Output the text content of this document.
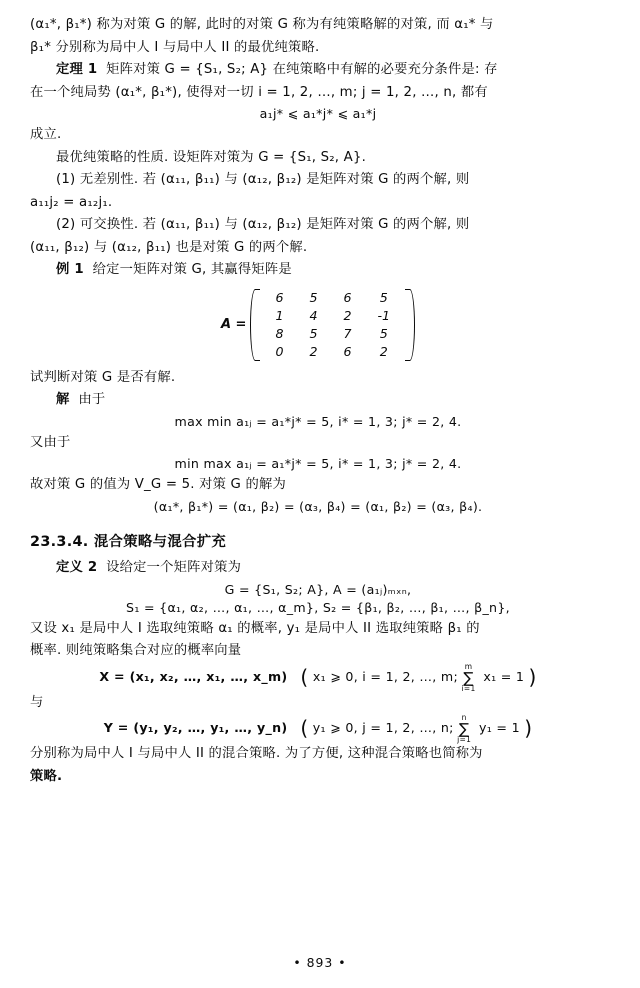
(α₁*, β₁*) 称为对策 G 的解, 此时的对策 G 称为有纯策略解的对策, 而 α₁* 与

β₁* 分别称为局中人 I 与局中人 II 的最优纯策略.

定理 1 矩阵对策 G = {S₁, S₂; A} 在纯策略中有解的必要充分条件是: 存

在一个纯局势 (α₁*, β₁*), 使得对一切 i = 1, 2, …, m; j = 1, 2, …, n, 都有

a₁j* ⩽ a₁*j* ⩽ a₁*j

成立.

最优纯策略的性质. 设矩阵对策为 G = {S₁, S₂, A}.

(1) 无差别性. 若 (α₁₁, β₁₁) 与 (α₁₂, β₁₂) 是矩阵对策 G 的两个解, 则

a₁₁j₂ = a₁₂j₁.

(2) 可交换性. 若 (α₁₁, β₁₁) 与 (α₁₂, β₁₂) 是矩阵对策 G 的两个解, 则

(α₁₁, β₁₂) 与 (α₁₂, β₁₁) 也是对策 G 的两个解.

例 1 给定一矩阵对策 G, 其赢得矩阵是

A =
6	5	6	5
1	4	2	-1
8	5	7	5
0	2	6	2

试判断对策 G 是否有解.

解 由于

max min a₁ⱼ = a₁*j* = 5, i* = 1, 3; j* = 2, 4.

又由于

min max a₁ⱼ = a₁*j* = 5, i* = 1, 3; j* = 2, 4.

故对策 G 的值为 V_G = 5. 对策 G 的解为

(α₁*, β₁*) = (α₁, β₂) = (α₃, β₄) = (α₁, β₂) = (α₃, β₄).
23.3.4. 混合策略与混合扩充

定义 2 设给定一个矩阵对策为

G = {S₁, S₂; A}, A = (a₁ⱼ)ₘₓₙ,
S₁ = {α₁, α₂, …, α₁, …, α_m}, S₂ = {β₁, β₂, …, β₁, …, β_n},

又设 x₁ 是局中人 I 选取纯策略 α₁ 的概率, y₁ 是局中人 II 选取纯策略 β₁ 的

概率. 则纯策略集合对应的概率向量

X = (x₁, x₂, …, x₁, …, x_m) ( x₁ ⩾ 0, i = 1, 2, …, m;
m
∑
i=1
x₁ = 1 )

与

Y = (y₁, y₂, …, y₁, …, y_n) ( y₁ ⩾ 0, j = 1, 2, …, n;
n
∑
j=1
y₁ = 1 )

分别称为局中人 I 与局中人 II 的混合策略. 为了方便, 这种混合策略也简称为

策略.

• 893 •
